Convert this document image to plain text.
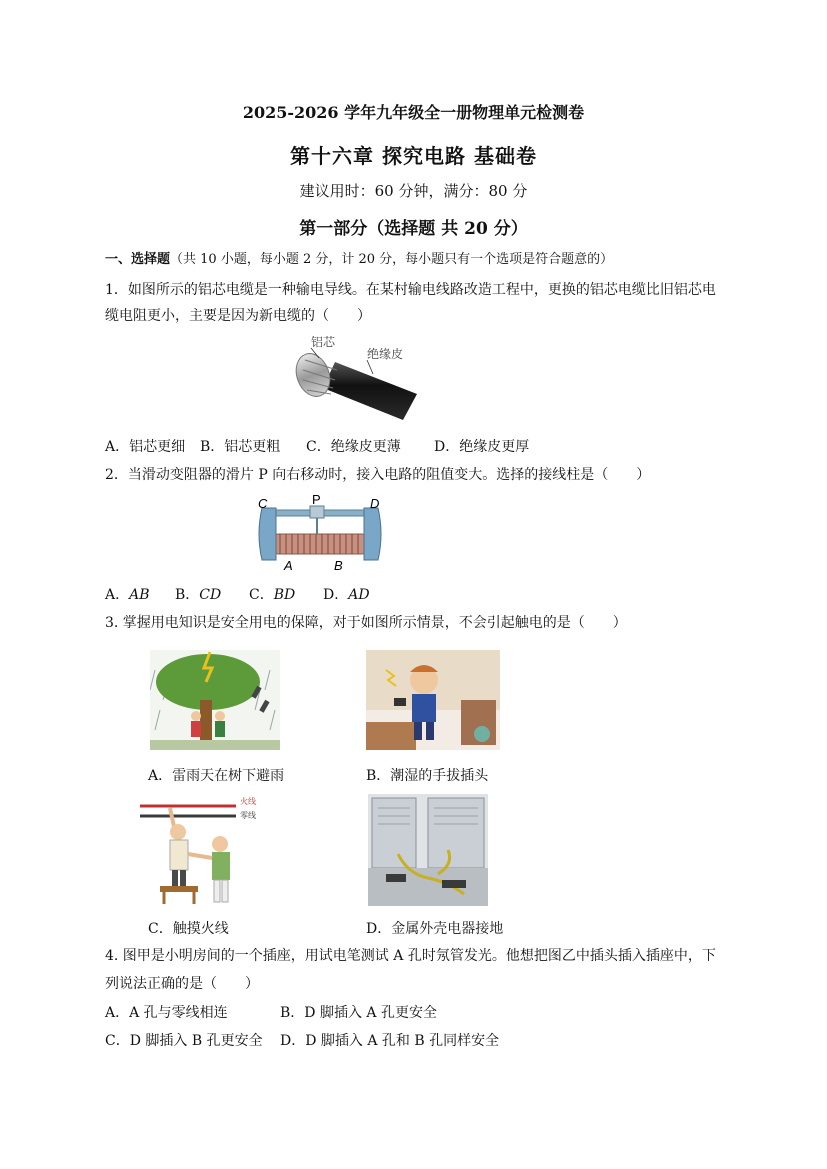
2025-2026 学年九年级全一册物理单元检测卷
第十六章 探究电路 基础卷
建议用时：60 分钟，满分：80 分
第一部分（选择题 共 20 分）
一、选择题（共 10 小题，每小题 2 分，计 20 分，每小题只有一个选项是符合题意的）
1．如图所示的铝芯电缆是一种输电导线。在某村输电线路改造工程中，更换的铝芯电缆比旧铝芯电
缆电阻更小，主要是因为新电缆的（　　）
铝芯
绝缘皮
A．铝芯更细 B．铝芯更粗 C．绝缘皮更薄 D．绝缘皮更厚
2．当滑动变阻器的滑片 P 向右移动时，接入电路的阻值变大。选择的接线柱是（　　）
C	P	D
A	B
A．AB B．CD C．BD D．AD
3. 掌握用电知识是安全用电的保障，对于如图所示情景，不会引起触电的是（　　）
A．雷雨天在树下避雨	B．潮湿的手拔插头
火线
零线
C．触摸火线	D．金属外壳电器接地
4. 图甲是小明房间的一个插座，用试电笔测试 A 孔时氖管发光。他想把图乙中插头插入插座中，下
列说法正确的是（　　）
A．A 孔与零线相连	B．D 脚插入 A 孔更安全
C．D 脚插入 B 孔更安全 D．D 脚插入 A 孔和 B 孔同样安全
